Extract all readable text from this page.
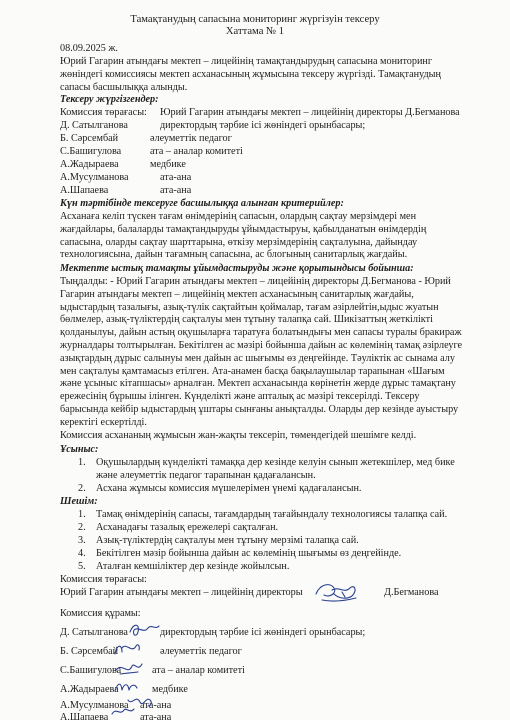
Тамақтанудың сапасына мониторинг жүргізуін тексеру
Хаттама № 1
08.09.2025 ж.
Юрий Гагарин атындағы мектеп – лицейінің тамақтандырудың сапасына мониторинг
жөніндегі комиссиясы мектеп асханасының жұмысына тексеру жүргізді. Тамақтанудың
сапасы басшылыққа алынды.
Тексеру жүргізгендер:
Комиссия төрағасы: Юрий Гагарин атындағы мектеп – лицейінің директоры Д.Бегманова
Д. Сатылганова	директордың тәрбие ісі жөніндегі орынбасары;
Б. Сәрсембай	әлеуметтік педагог
С.Башигулова	ата – аналар комитеті
А.Жадыраева	медбике
А.Мусулманова	ата-ана
А.Шапаева	ата-ана
Күн тәртібінде тексеруге басшылыққа алынған критерийлер:
Асханаға келіп түскен тағам өнімдерінің сапасын, олардың сақтау мерзімдері мен
жағдайлары, балаларды тамақтандыруды ұйымдастыруы, қабылданатын өнімдердің
сапасына, оларды сақтау шарттарына, өткізу мерзімдерінің сақталуына, дайындау
технологиясына, дайын тағамның сапасына, ас блогының санитарлық жағдайы.
Мектепте ыстық тамақты ұйымдастыруды және қорытындысы бойынша:
Тыңдалды: - Юрий Гагарин атындағы мектеп – лицейінің директоры Д.Бегманова - Юрий
Гагарин атындағы мектеп – лицейінің мектеп асханасының санитарлық жағдайы,
ыдыстардың тазалығы, азық-түлік сақтайтын қоймалар, тағам әзірлейтін,ыдыс жуатын
бөлмелер, азық-түліктердің сақталуы мен тұтыну талапқа сай. Шикізаттың жеткілікті
қолданылуы, дайын астың оқушыларға таратуға болатындығы мен сапасы туралы бракираж
журналдары толтырылған. Бекітілген ас мәзірі бойынша дайын ас көлемінің тамақ әзірлеуге
азықтардың дұрыс салынуы мен дайын ас шығымы өз деңгейінде. Тәуліктік ас сынама алу
мен сақталуы қамтамасыз етілген. Ата-анамен басқа бақылаушылар тарапынан «Шағым
және ұсыныс кітапшасы» арналған. Мектеп асханасында көрінетін жерде дұрыс тамақтану
ережесінің бұрышы ілінген. Күнделікті және апталық ас мәзірі тексерілді. Тексеру
барысында кейбір ыдыстардың ұштары сынғаны анықталды. Оларды дер кезінде ауыстыру
керектігі ескертілді.
Комиссия асхананың жұмысын жан-жақты тексеріп, төмендегідей шешімге келді.
Ұсыныс:
1. Оқушылардың күнделікті тамаққа дер кезінде келуін сынып жетекшілер, мед бике
және әлеуметтік педагог тарапынан қадағалансын.
2. Асхана жұмысы комиссия мүшелерімен үнемі қадағалансын.
Шешім:
1. Тамақ өнімдерінің сапасы, тағамдардың тағайындалу технологиясы талапқа сай.
2. Асханадағы тазалық ережелері сақталған.
3. Азық-түліктердің сақталуы мен тұтыну мерзімі талапқа сай.
4. Бекітілген мәзір бойынша дайын ас көлемінің шығымы өз деңгейінде.
5. Аталған кемшіліктер дер кезінде жойылсын.
Комиссия төрағасы:
Юрий Гагарин атындағы мектеп – лицейінің директоры	Д.Бегманова
Комиссия құрамы:
Д. Сатылганова	директордың тәрбие ісі жөніндегі орынбасары;
Б. Сәрсембай	әлеуметтік педагог
С.Башигулова	ата – аналар комитеті
А.Жадыраева	медбике
А.Мусулманова ата-ана
А.Шапаева	ата-ана
